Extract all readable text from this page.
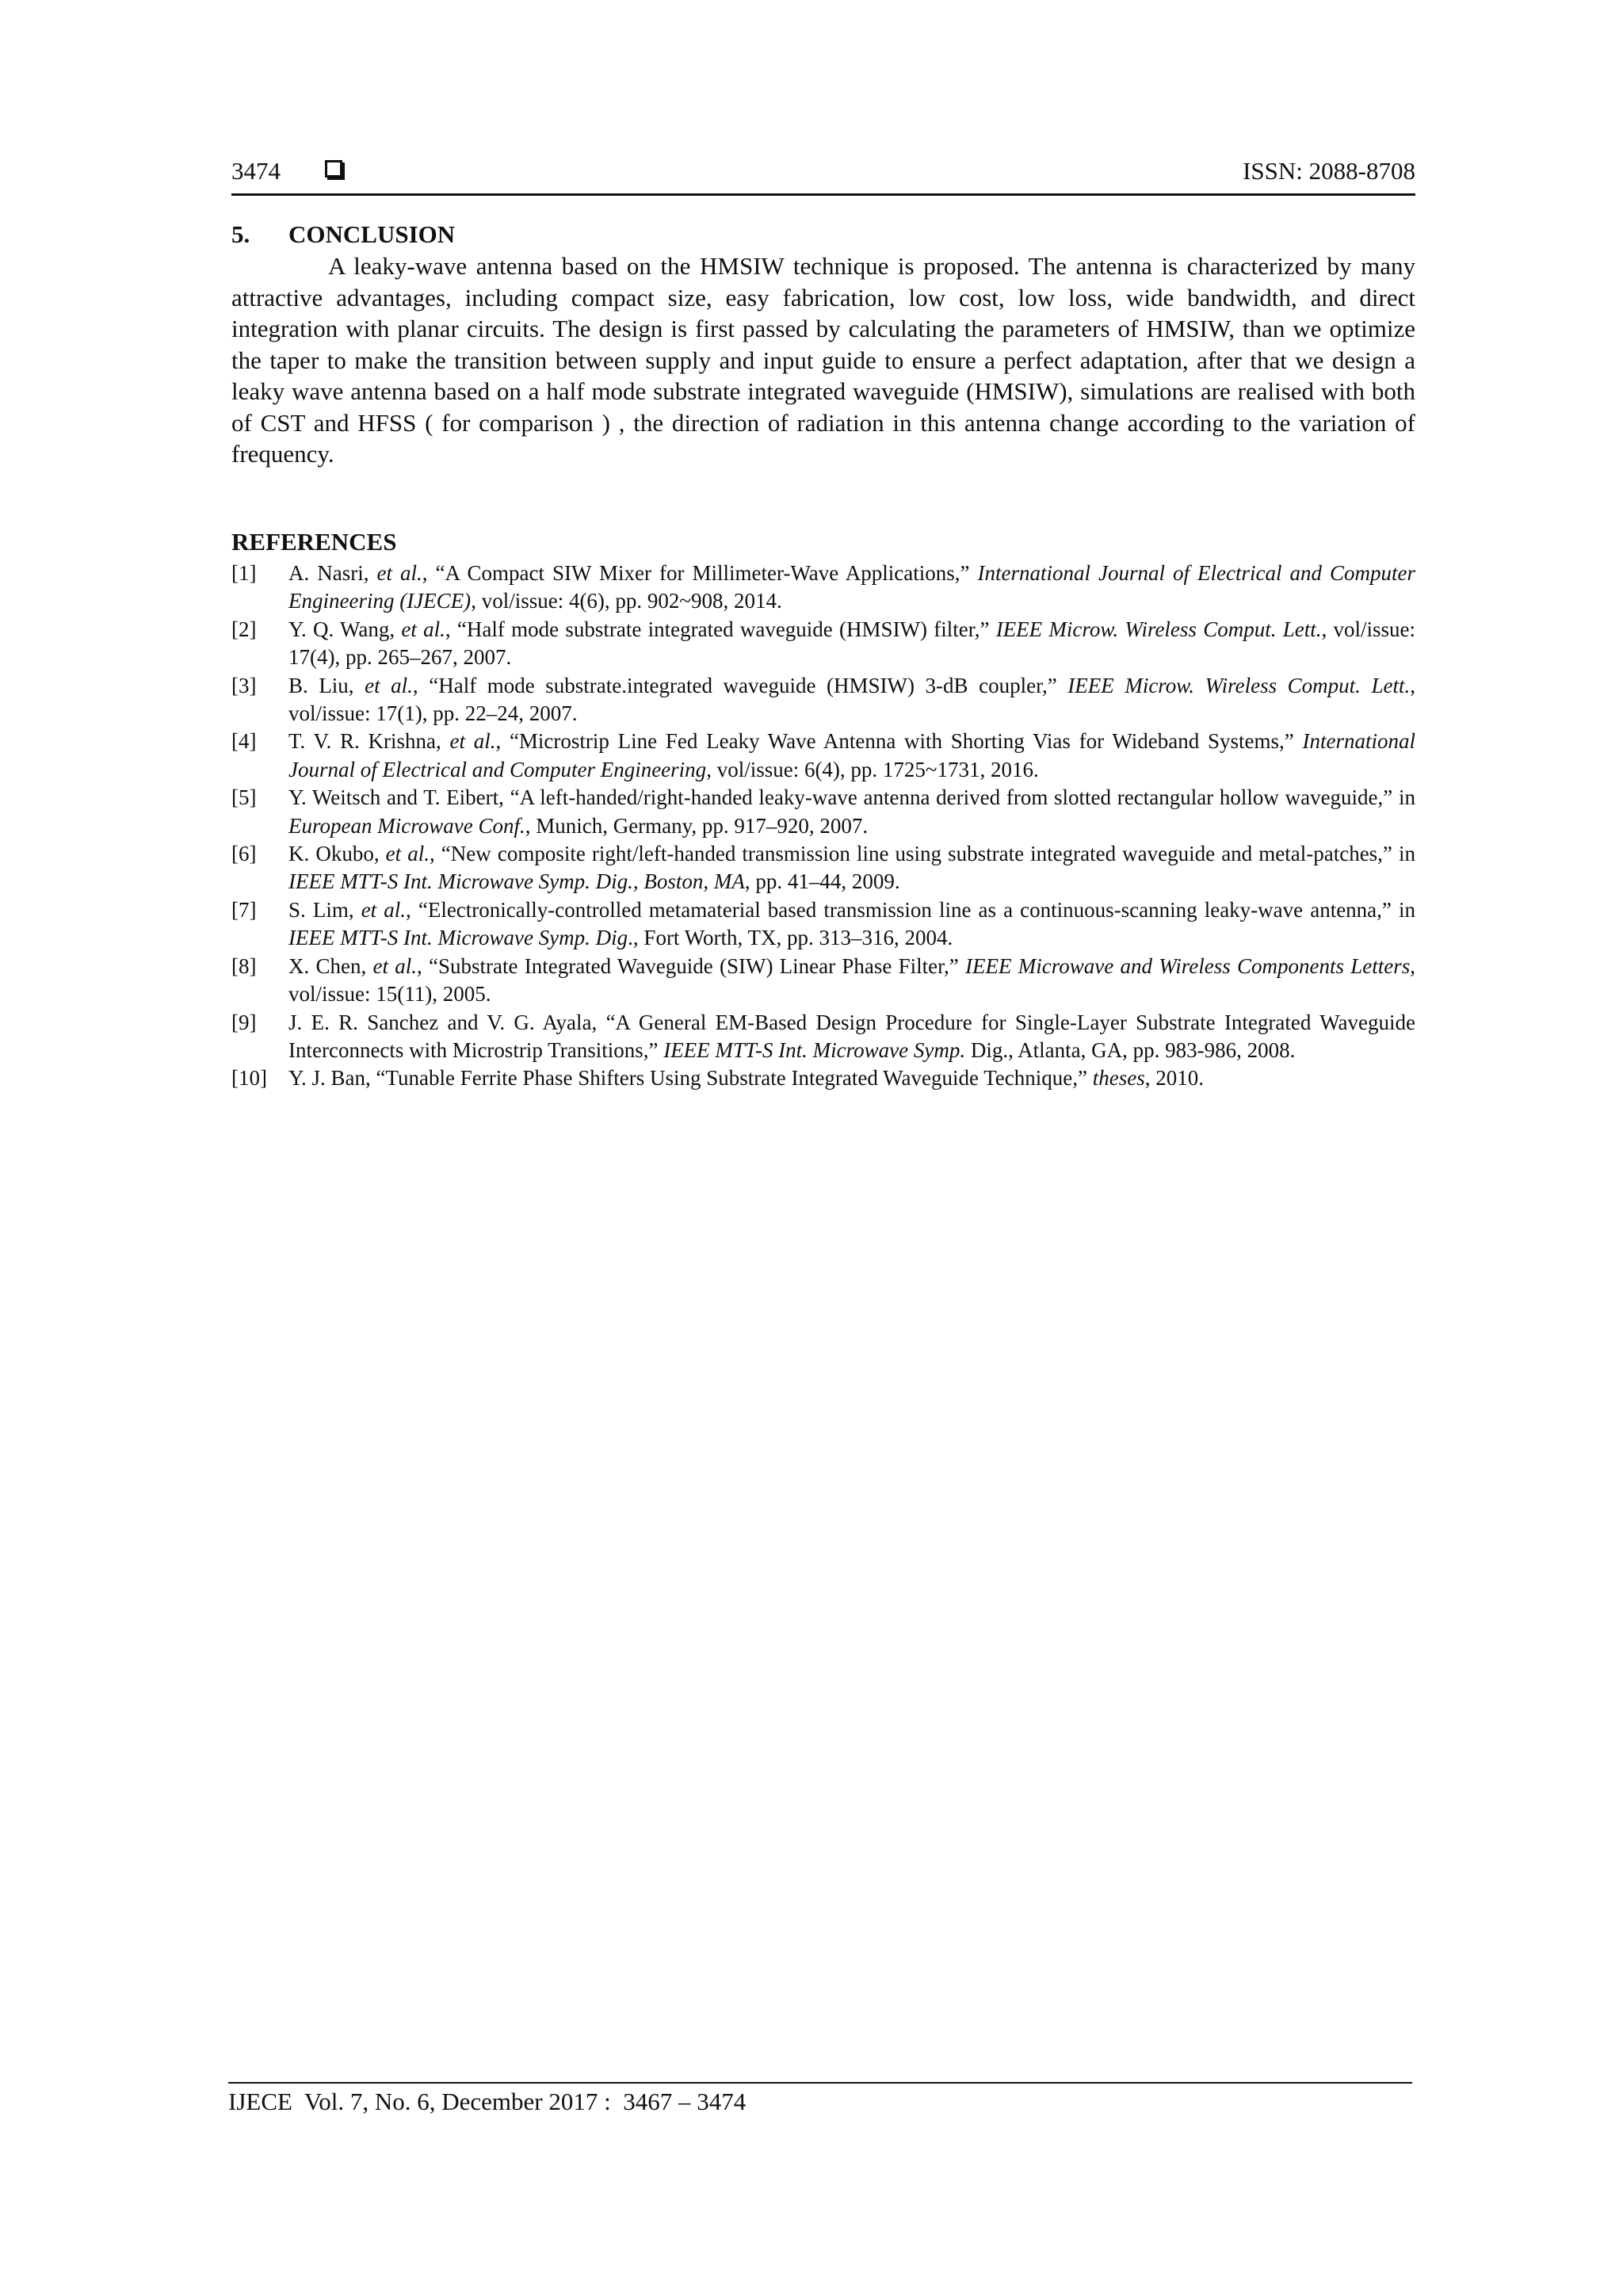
3474	ISSN: 2088-8708
5. CONCLUSION

A leaky-wave antenna based on the HMSIW technique is proposed. The antenna is characterized by many attractive advantages, including compact size, easy fabrication, low cost, low loss, wide bandwidth, and direct integration with planar circuits. The design is first passed by calculating the parameters of HMSIW, than we optimize the taper to make the transition between supply and input guide to ensure a perfect adaptation, after that we design a leaky wave antenna based on a half mode substrate integrated waveguide (HMSIW), simulations are realised with both of CST and HFSS ( for comparison ) , the direction of radiation in this antenna change according to the variation of frequency.

REFERENCES
[1]	A. Nasri, et al., “A Compact SIW Mixer for Millimeter-Wave Applications,” International Journal of Electrical and Computer Engineering (IJECE), vol/issue: 4(6), pp. 902~908, 2014.
[2]	Y. Q. Wang, et al., “Half mode substrate integrated waveguide (HMSIW) filter,” IEEE Microw. Wireless Comput. Lett., vol/issue: 17(4), pp. 265–267, 2007.
[3]	B. Liu, et al., “Half mode substrate.integrated waveguide (HMSIW) 3-dB coupler,” IEEE Microw. Wireless Comput. Lett., vol/issue: 17(1), pp. 22–24, 2007.
[4]	T. V. R. Krishna, et al., “Microstrip Line Fed Leaky Wave Antenna with Shorting Vias for Wideband Systems,” International Journal of Electrical and Computer Engineering, vol/issue: 6(4), pp. 1725~1731, 2016.
[5]	Y. Weitsch and T. Eibert, “A left-handed/right-handed leaky-wave antenna derived from slotted rectangular hollow waveguide,” in European Microwave Conf., Munich, Germany, pp. 917–920, 2007.
[6]	K. Okubo, et al., “New composite right/left-handed transmission line using substrate integrated waveguide and metal-patches,” in IEEE MTT-S Int. Microwave Symp. Dig., Boston, MA, pp. 41–44, 2009.
[7]	S. Lim, et al., “Electronically-controlled metamaterial based transmission line as a continuous-scanning leaky-wave antenna,” in IEEE MTT-S Int. Microwave Symp. Dig., Fort Worth, TX, pp. 313–316, 2004.
[8]	X. Chen, et al., “Substrate Integrated Waveguide (SIW) Linear Phase Filter,” IEEE Microwave and Wireless Components Letters, vol/issue: 15(11), 2005.
[9]	J. E. R. Sanchez and V. G. Ayala, “A General EM-Based Design Procedure for Single-Layer Substrate Integrated Waveguide Interconnects with Microstrip Transitions,” IEEE MTT-S Int. Microwave Symp. Dig., Atlanta, GA, pp. 983-986, 2008.
[10]	Y. J. Ban, “Tunable Ferrite Phase Shifters Using Substrate Integrated Waveguide Technique,” theses, 2010.
IJECE  Vol. 7, No. 6, December 2017 :  3467 – 3474
